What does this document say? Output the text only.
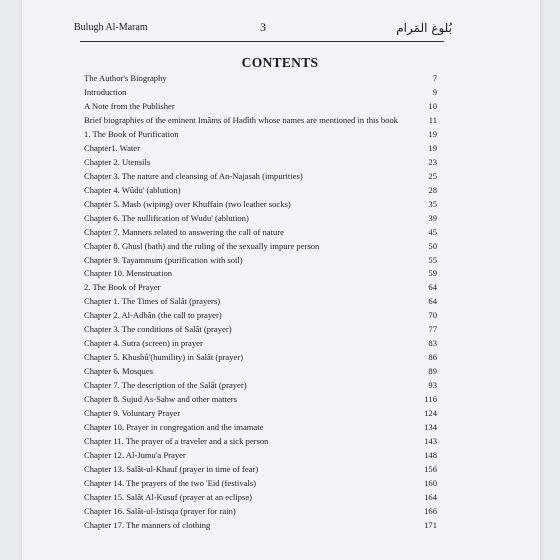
Bulugh Al-Maram	3	بُلوغ المَرام
CONTENTS
The Author's Biography	7
Introduction	9
A Note from the Publisher	10
Brief biographies of the eminent Imâms of Hadîth whose names are mentioned in this book	11
1. The Book of Purification	19
Chapter1. Water	19
Chapter 2. Utensils	23
Chapter 3. The nature and cleansing of An-Najasah (impurities)	25
Chapter 4. Wûdu' (ablution)	28
Chapter 5. Masb (wiping) over Khuffain (two leather socks)	35
Chapter 6. The nullification of Wudu' (ablution)	39
Chapter 7. Manners related to answering the call of nature	45
Chapter 8. Ghusl (bath) and the ruling of the sexually impure person	50
Chapter 9. Tayammum (purification with soil)	55
Chapter 10. Menstruation	59
2. The Book of Prayer	64
Chapter 1. The Times of Salât (prayers)	64
Chapter 2. Al-Adbân (the call to prayer)	70
Chapter 3. The conditions of Salât (prayer)	77
Chapter 4. Sutra (screen) in prayer	83
Chapter 5. Khusbû'(humility) in Salât (prayer)	86
Chapter 6. Mosques	89
Chapter 7. The description of the Salât (prayer)	93
Chapter 8. Sujud As-Sahw and other matters	116
Chapter 9. Voluntary Prayer	124
Chapter 10. Prayer in congregation and the imamate	134
Chapter 11. The prayer of a traveler and a sick person	143
Chapter 12. Al-Jumu'a Prayer	148
Chapter 13. Salât-ul-Khauf (prayer in time of fear)	156
Chapter 14. The prayers of the two 'Eid (festivals)	160
Chapter 15. Salât Al-Kusuf (prayer at an eclipse)	164
Chapter 16. Salât-ul-Istisqa (prayer for rain)	166
Chapter 17. The manners of clothing	171
